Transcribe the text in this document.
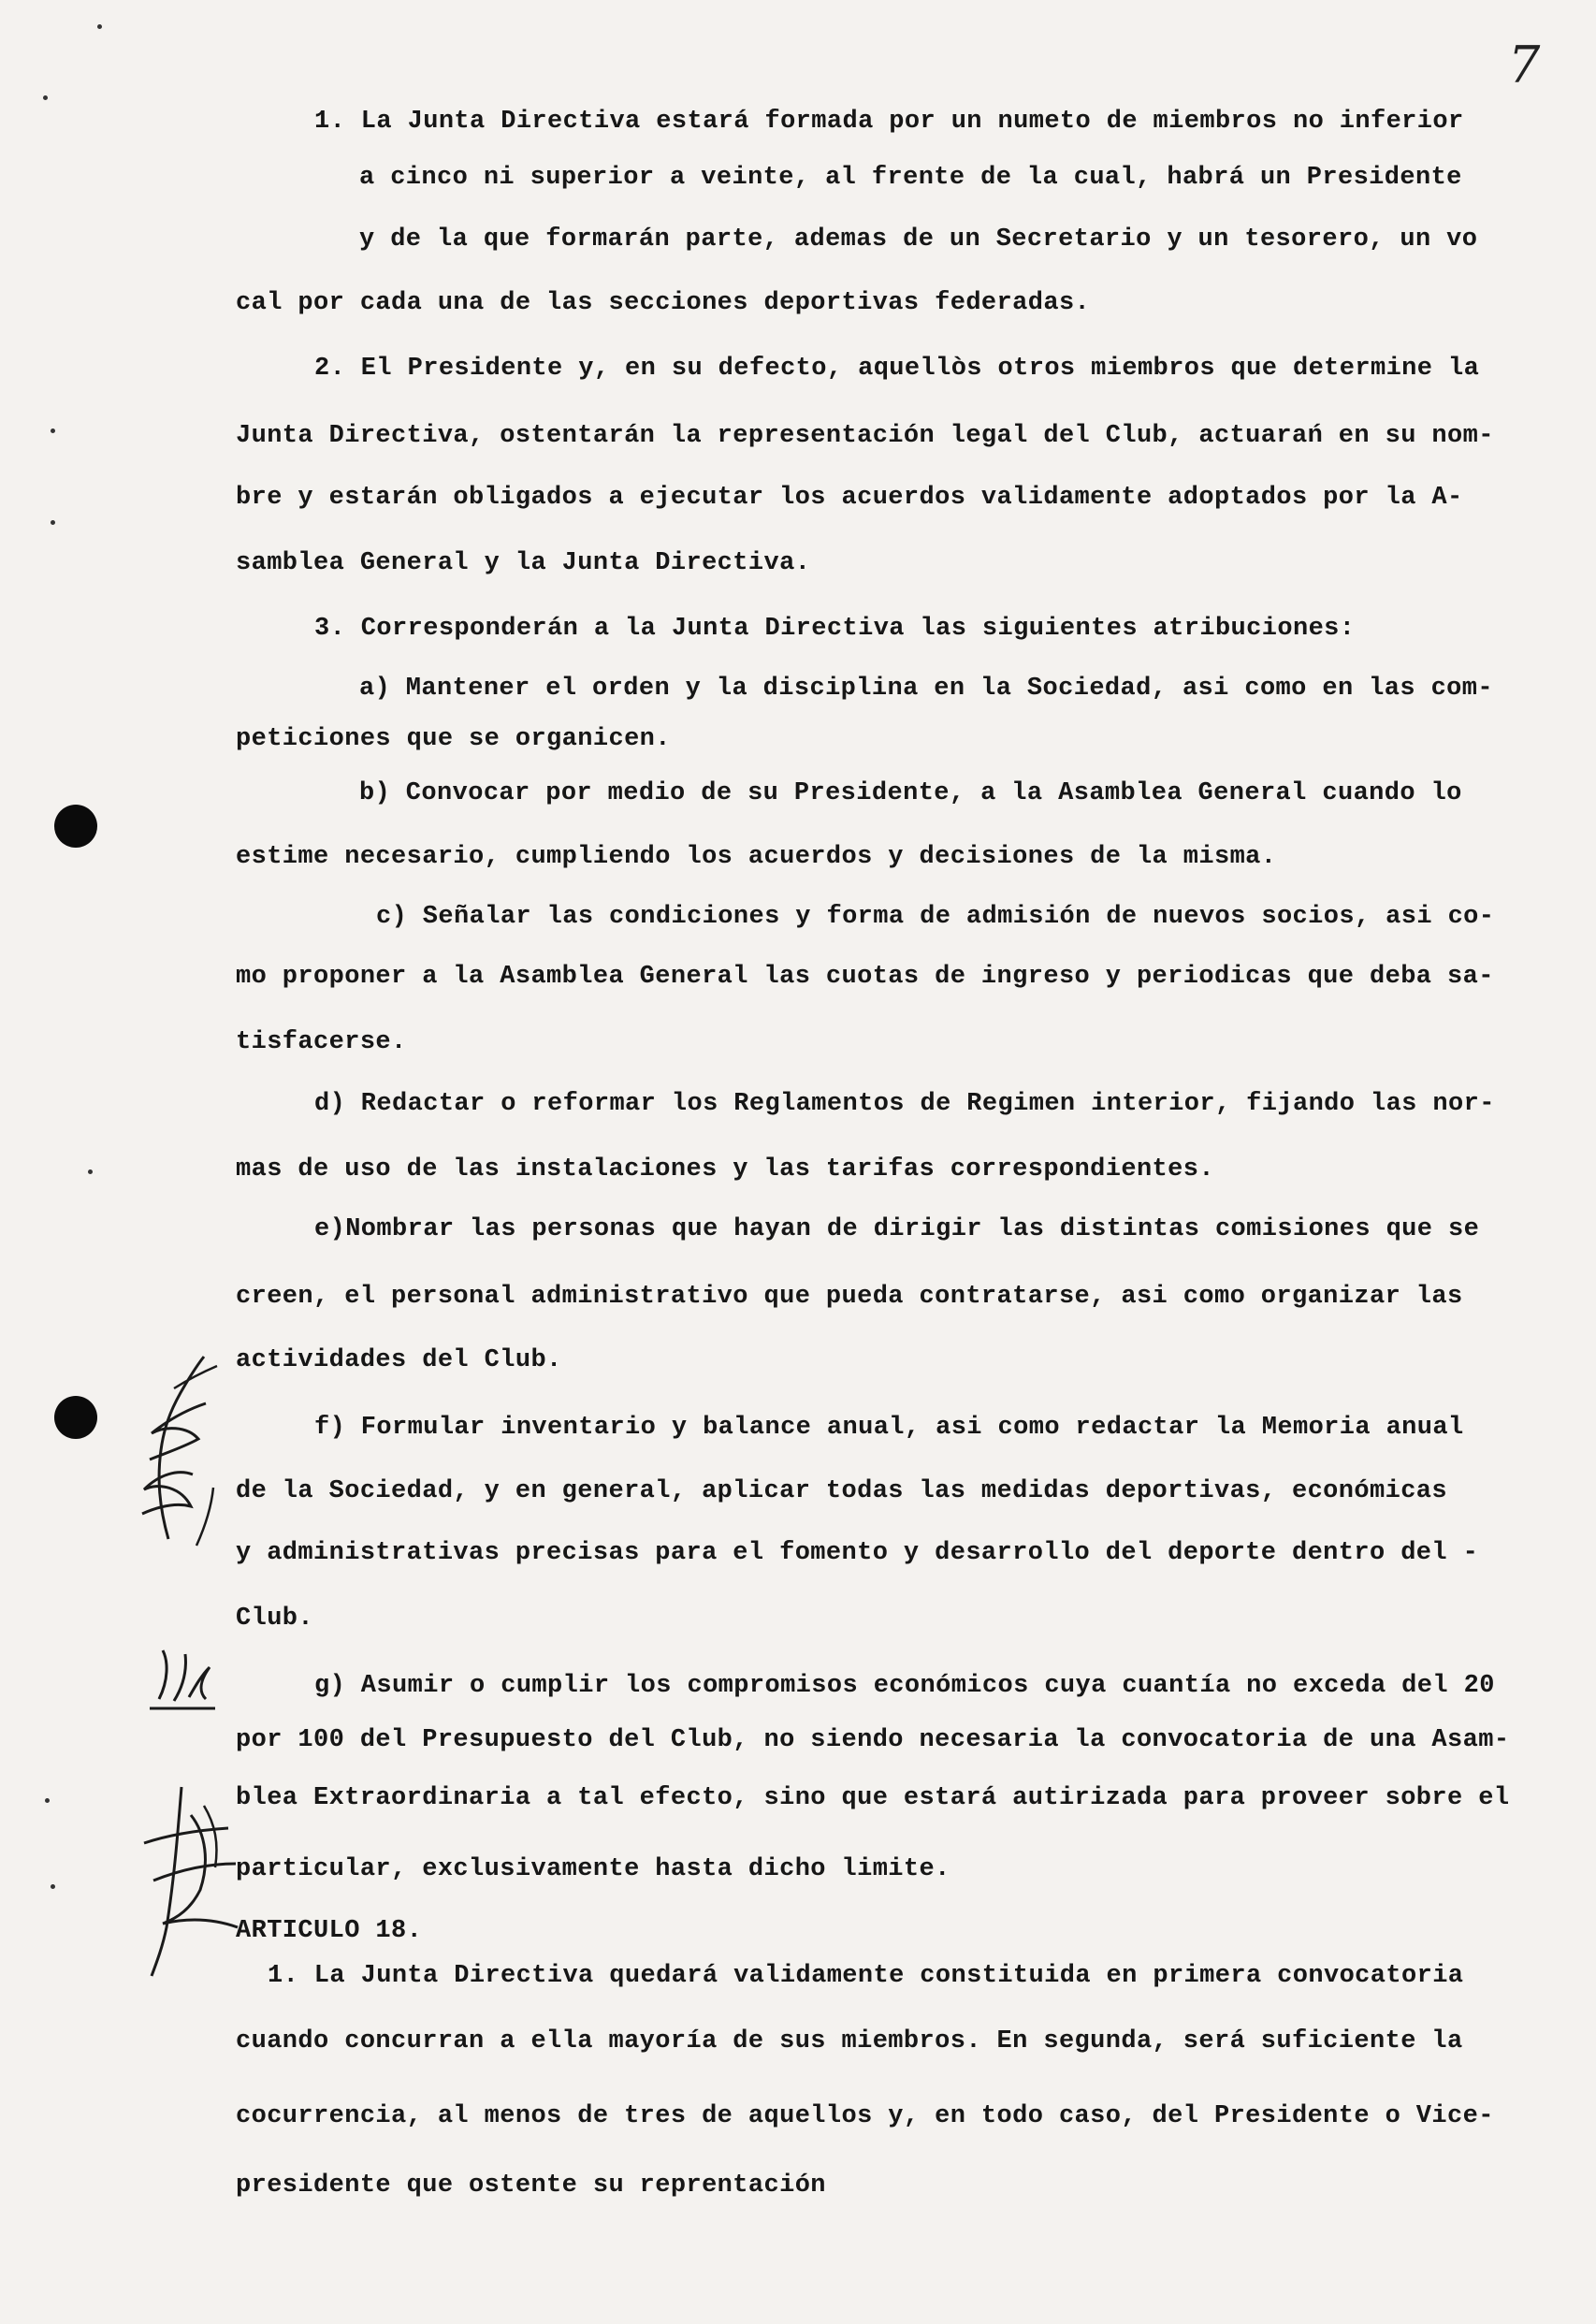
7
1. La Junta Directiva estará formada por un numeto de miembros no inferior
a cinco ni superior a veinte, al frente de la cual, habrá un Presidente
y de la que formarán parte, ademas de un Secretario y un tesorero, un vo
cal por cada una de las secciones deportivas federadas.
2. El Presidente y, en su defecto, aquellòs otros miembros que determine la
Junta Directiva, ostentarán la representación legal del Club, actuarań en su nom-
bre y estarán obligados a ejecutar los acuerdos validamente adoptados por la A-
samblea General y la Junta Directiva.
3. Corresponderán a la Junta Directiva las siguientes atribuciones:
a) Mantener el orden y la disciplina en la Sociedad, asi como en las com-
peticiones que se organicen.
b) Convocar por medio de su Presidente, a la Asamblea General cuando lo
estime necesario, cumpliendo los acuerdos y decisiones de la misma.
c) Señalar las condiciones y forma de admisión de nuevos socios, asi co-
mo proponer a la Asamblea General las cuotas de ingreso y periodicas que deba sa-
tisfacerse.
d) Redactar o reformar los Reglamentos de Regimen interior, fijando las nor-
mas de uso de las instalaciones y las tarifas correspondientes.
e)Nombrar las personas que hayan de dirigir las distintas comisiones que se
creen, el personal administrativo que pueda contratarse, asi como organizar las
actividades del Club.
f) Formular inventario y balance anual, asi como redactar la Memoria anual
de la Sociedad, y en general, aplicar todas las medidas deportivas, económicas
y administrativas precisas para el fomento y desarrollo del deporte dentro del -
Club.
g) Asumir o cumplir los compromisos económicos cuya cuantía no exceda del 20
por 100 del Presupuesto del Club, no siendo necesaria la convocatoria de una Asam-
blea Extraordinaria a tal efecto, sino que estará autirizada para proveer sobre el
particular, exclusivamente hasta dicho limite.
ARTICULO 18.
1. La Junta Directiva quedará validamente constituida en primera convocatoria
cuando concurran a ella mayoría de sus miembros. En segunda, será suficiente la
cocurrencia, al menos de tres de aquellos y, en todo caso, del Presidente o Vice-
presidente que ostente su reprentación
